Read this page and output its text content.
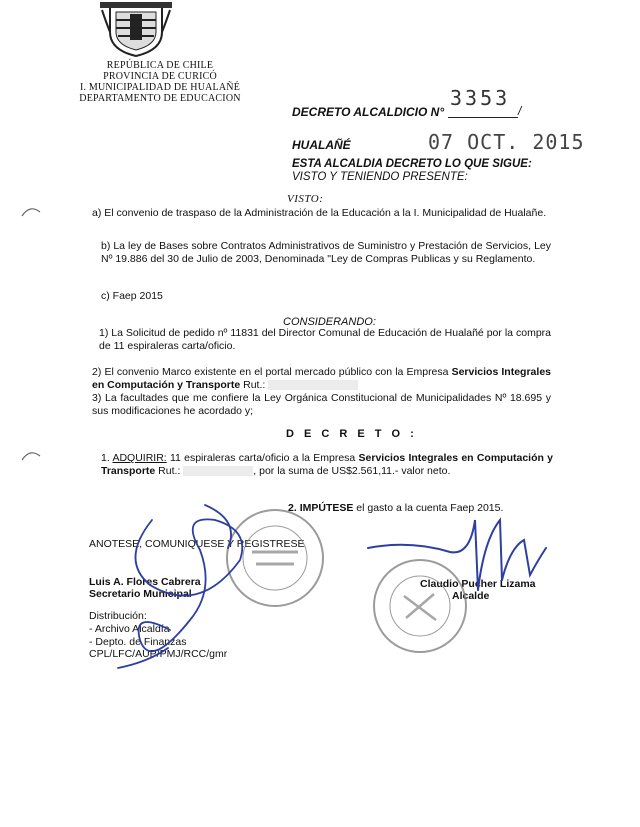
REPÚBLICA DE CHILE
PROVINCIA DE CURICÓ
I. MUNICIPALIDAD DE HUALAÑÉ
DEPARTAMENTO DE EDUCACION
DECRETO ALCALDICIO N°
3353
/
HUALAÑÉ	07 OCT. 2015
ESTA ALCALDIA DECRETO LO QUE SIGUE:
VISTO Y TENIENDO PRESENTE:
VISTO:
a) El convenio de traspaso de la Administración de la Educación a la I. Municipalidad de Hualañe.
b) La ley de Bases sobre Contratos Administrativos de Suministro y Prestación de Servicios, Ley Nº 19.886 del 30 de Julio de 2003, Denominada "Ley de Compras Publicas y su Reglamento.
c) Faep 2015
CONSIDERANDO:
1) La Solicitud de pedido nº 11831 del Director Comunal de Educación de Hualañé por la compra de 11 espiraleras carta/oficio.
2) El convenio Marco existente en el portal mercado público con la Empresa Servicios Integrales en Computación y Transporte Rut.:
3) La facultades que me confiere la Ley Orgánica Constitucional de Municipalidades Nº 18.695 y sus modificaciones he acordado y;
D E C R E T O :
1. ADQUIRIR: 11 espiraleras carta/oficio a la Empresa Servicios Integrales en Computación y Transporte Rut.:	, por la suma de US$2.561,11.- valor neto.
2. IMPÚTESE el gasto a la cuenta Faep 2015.
ANOTESE, COMUNIQUESE Y REGISTRESE
Luis A. Flores Cabrera
Secretario Municipal
Claudio Pucher Lizama
Alcalde
Distribución:
- Archivo Alcaldía
- Depto. de Finanzas
CPL/LFC/AUP/PMJ/RCC/gmr
